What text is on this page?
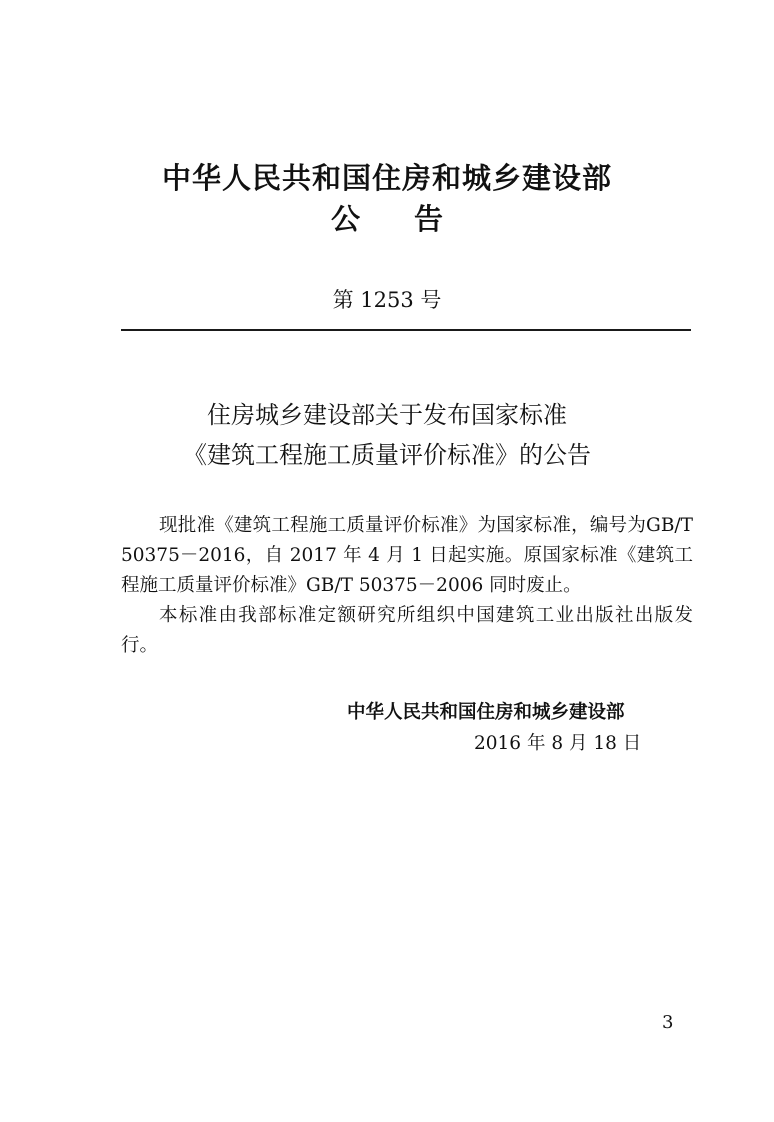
中华人民共和国住房和城乡建设部
公 告
第 1253 号
住房城乡建设部关于发布国家标准
《建筑工程施工质量评价标准》的公告

现批准《建筑工程施工质量评价标准》为国家标准，编号为GB/T 50375－2016，自 2017 年 4 月 1 日起实施。原国家标准《建筑工程施工质量评价标准》GB/T 50375－2006 同时废止。

本标准由我部标准定额研究所组织中国建筑工业出版社出版发行。

中华人民共和国住房和城乡建设部
2016 年 8 月 18 日
3
